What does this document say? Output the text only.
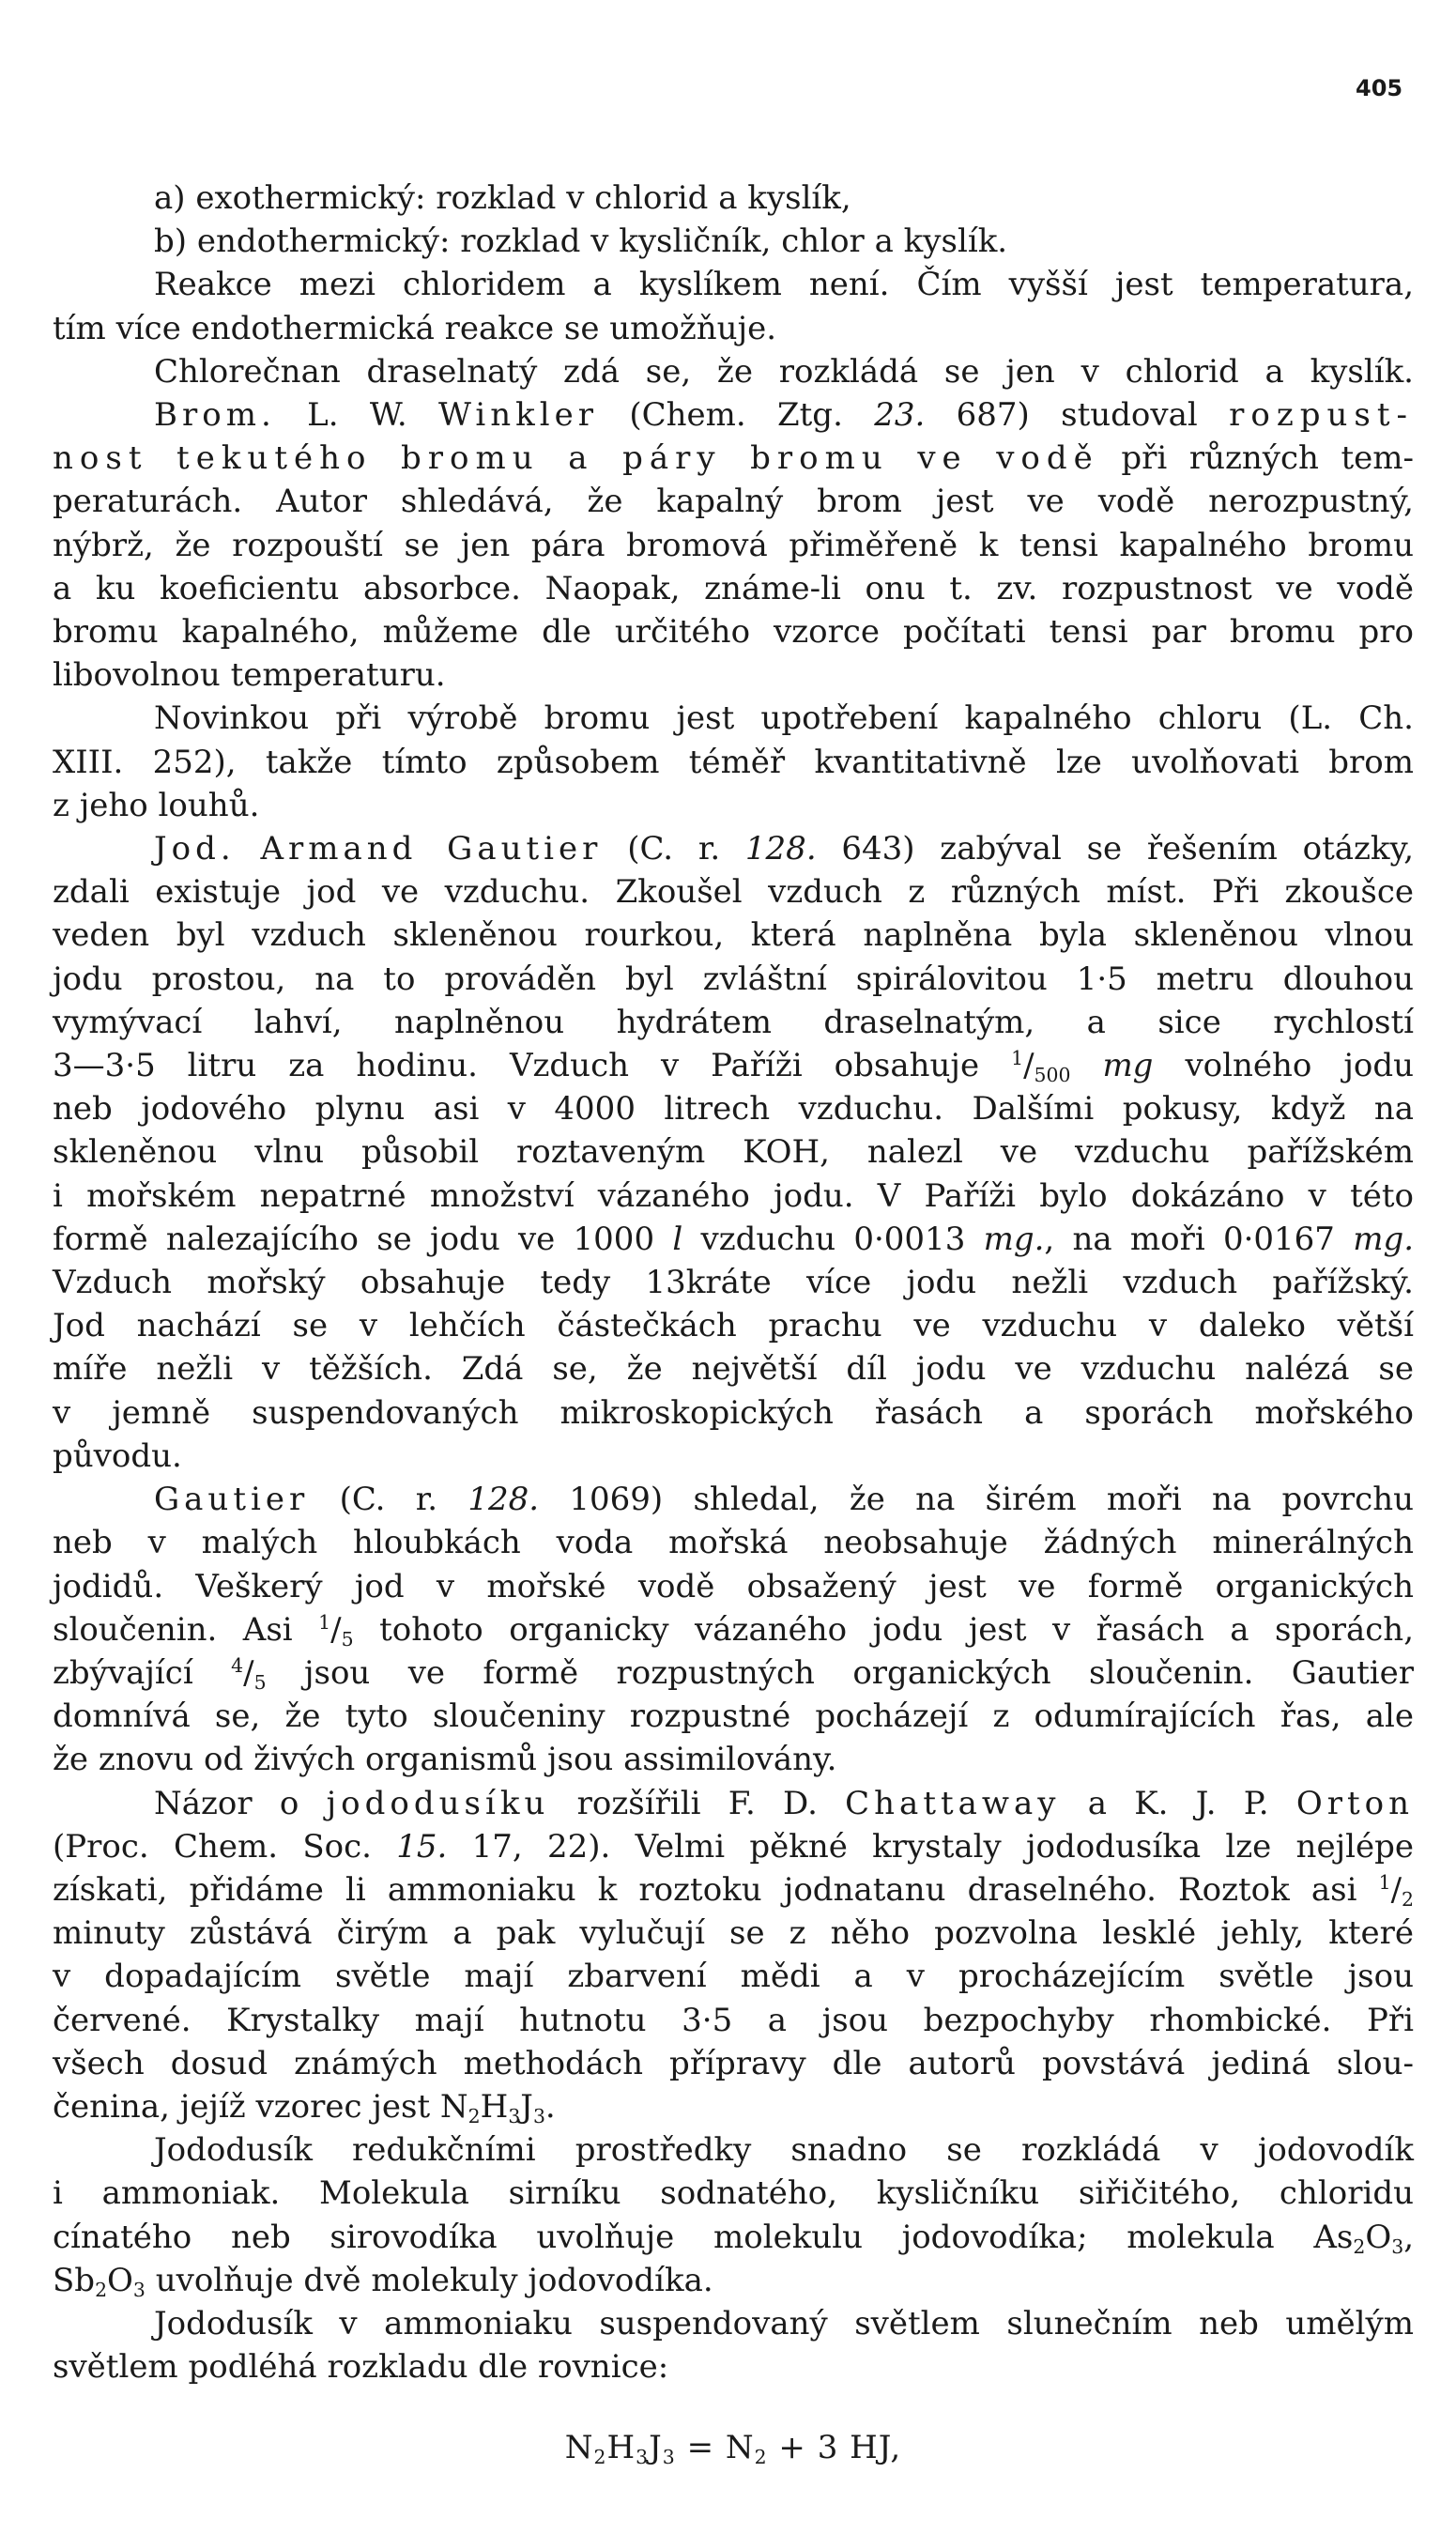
405
a) exothermický: rozklad v chlorid a kyslík,
b) endothermický: rozklad v kysličník, chlor a kyslík.
Reakce mezi chloridem a kyslíkem není. Čím vyšší jest temperatura,
tím více endothermická reakce se umožňuje.
Chlorečnan draselnatý zdá se, že rozkládá se jen v chlorid a kyslík.
Brom. L. W. Winkler (Chem. Ztg. 23. 687) studoval rozpust-
nost tekutého bromu a páry bromu ve vodě při různých tem-
peraturách. Autor shledává, že kapalný brom jest ve vodě nerozpustný,
nýbrž, že rozpouští se jen pára bromová přiměřeně k tensi kapalného bromu
a ku koeficientu absorbce. Naopak, známe-li onu t. zv. rozpustnost ve vodě
bromu kapalného, můžeme dle určitého vzorce počítati tensi par bromu pro
libovolnou temperaturu.
Novinkou při výrobě bromu jest upotřebení kapalného chloru (L. Ch.
XIII. 252), takže tímto způsobem téměř kvantitativně lze uvolňovati brom
z jeho louhů.
Jod. Armand Gautier (C. r. 128. 643) zabýval se řešením otázky,
zdali existuje jod ve vzduchu. Zkoušel vzduch z různých míst. Při zkoušce
veden byl vzduch skleněnou rourkou, která naplněna byla skleněnou vlnou
jodu prostou, na to prováděn byl zvláštní spirálovitou 1·5 metru dlouhou
vymývací lahví, naplněnou hydrátem draselnatým, a sice rychlostí
3—3·5 litru za hodinu. Vzduch v Paříži obsahuje $^1/_{500}$ mg volného jodu
neb jodového plynu asi v 4000 litrech vzduchu. Dalšími pokusy, když na
skleněnou vlnu působil roztaveným KOH, nalezl ve vzduchu pařížském
i mořském nepatrné množství vázaného jodu. V Paříži bylo dokázáno v této
formě nalezajícího se jodu ve 1000 l vzduchu 0·0013 mg., na moři 0·0167 mg.
Vzduch mořský obsahuje tedy 13kráte více jodu nežli vzduch pařížský.
Jod nachází se v lehčích částečkách prachu ve vzduchu v daleko větší
míře nežli v těžších. Zdá se, že největší díl jodu ve vzduchu nalézá se
v jemně suspendovaných mikroskopických řasách a sporách mořského
původu.
Gautier (C. r. 128. 1069) shledal, že na širém moři na povrchu
neb v malých hloubkách voda mořská neobsahuje žádných minerálných
jodidů. Veškerý jod v mořské vodě obsažený jest ve formě organických
sloučenin. Asi $^1/_5$ tohoto organicky vázaného jodu jest v řasách a sporách,
zbývající $^4/_5$ jsou ve formě rozpustných organických sloučenin. Gautier
domnívá se, že tyto sloučeniny rozpustné pocházejí z odumírajících řas, ale
že znovu od živých organismů jsou assimilovány.
Názor o jododusíku rozšířili F. D. Chattaway a K. J. P. Orton
(Proc. Chem. Soc. 15. 17, 22). Velmi pěkné krystaly jododusíka lze nejlépe
získati, přidáme li ammoniaku k roztoku jodnatanu draselného. Roztok asi $^1/_2$
minuty zůstává čirým a pak vylučují se z něho pozvolna lesklé jehly, které
v dopadajícím světle mají zbarvení mědi a v procházejícím světle jsou
červené. Krystalky mají hutnotu 3·5 a jsou bezpochyby rhombické. Při
všech dosud známých methodách přípravy dle autorů povstává jediná slou-
čenina, jejíž vzorec jest $N_2H_3J_3$.
Jododusík redukčními prostředky snadno se rozkládá v jodovodík
i ammoniak. Molekula sirníku sodnatého, kysličníku siřičitého, chloridu
cínatého neb sirovodíka uvolňuje molekulu jodovodíka; molekula $As_2O_3$,
$Sb_2O_3$ uvolňuje dvě molekuly jodovodíka.
Jododusík v ammoniaku suspendovaný světlem slunečním neb umělým
světlem podléhá rozkladu dle rovnice:
$N_2H_3J_3 = N_2 + 3$ HJ,
